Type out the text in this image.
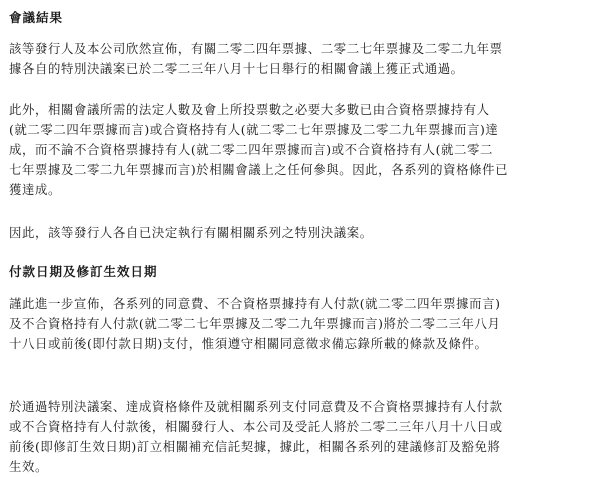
會議結果

該等發行人及本公司欣然宣佈，有關二零二四年票據、二零二七年票據及二零二九年票
據各自的特別決議案已於二零二三年八月十七日舉行的相關會議上獲正式通過。

此外，相關會議所需的法定人數及會上所投票數之必要大多數已由合資格票據持有人
(就二零二四年票據而言)或合資格持有人(就二零二七年票據及二零二九年票據而言)達
成，而不論不合資格票據持有人(就二零二四年票據而言)或不合資格持有人(就二零二
七年票據及二零二九年票據而言)於相關會議上之任何參與。因此，各系列的資格條件已
獲達成。

因此，該等發行人各自已決定執行有關相關系列之特別決議案。

付款日期及修訂生效日期

謹此進一步宣佈，各系列的同意費、不合資格票據持有人付款(就二零二四年票據而言)
及不合資格持有人付款(就二零二七年票據及二零二九年票據而言)將於二零二三年八月
十八日或前後(即付款日期)支付，惟須遵守相關同意徵求備忘錄所載的條款及條件。

於通過特別決議案、達成資格條件及就相關系列支付同意費及不合資格票據持有人付款
或不合資格持有人付款後，相關發行人、本公司及受託人將於二零二三年八月十八日或
前後(即修訂生效日期)訂立相關補充信託契據，據此，相關各系列的建議修訂及豁免將
生效。
